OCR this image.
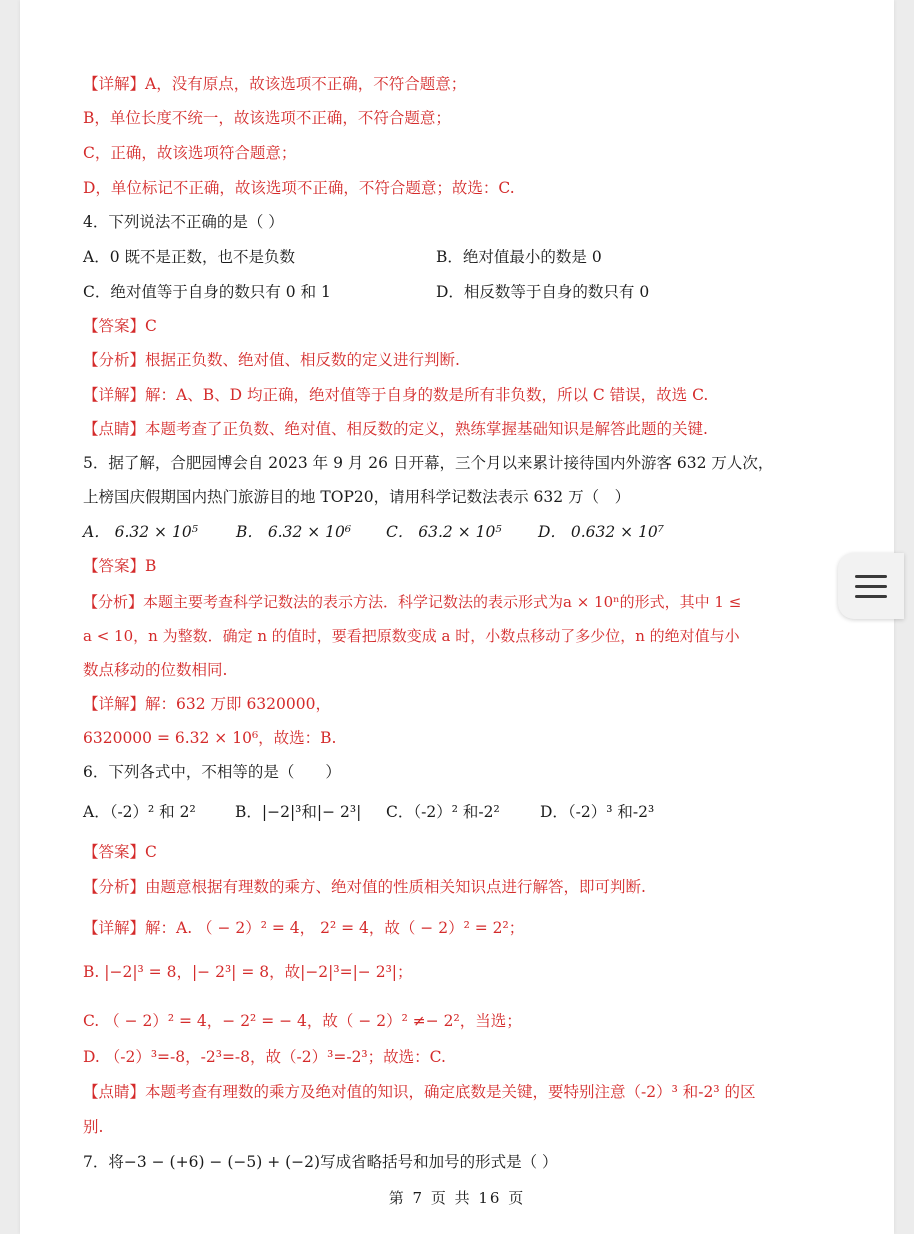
【详解】A，没有原点，故该选项不正确，不符合题意；
B，单位长度不统一，故该选项不正确，不符合题意；
C，正确，故该选项符合题意；
D，单位标记不正确，故该选项不正确，不符合题意；故选：C.
4．下列说法不正确的是（ ）
A．0 既不是正数，也不是负数	B．绝对值最小的数是 0
C．绝对值等于自身的数只有 0 和 1	D．相反数等于自身的数只有 0
【答案】C
【分析】根据正负数、绝对值、相反数的定义进行判断.
【详解】解：A、B、D 均正确，绝对值等于自身的数是所有非负数，所以 C 错误，故选 C.
【点睛】本题考查了正负数、绝对值、相反数的定义，熟练掌握基础知识是解答此题的关键.
5．据了解，合肥园博会自 2023 年 9 月 26 日开幕，三个月以来累计接待国内外游客 632 万人次，
上榜国庆假期国内热门旅游目的地 TOP20，请用科学记数法表示 632 万（　）
A． 6.32 × 10⁵ B． 6.32 × 10⁶ C． 63.2 × 10⁵ D． 0.632 × 10⁷
【答案】B
【分析】本题主要考查科学记数法的表示方法．科学记数法的表示形式为a × 10ⁿ的形式，其中 1 ≤
a < 10，n 为整数．确定 n 的值时，要看把原数变成 a 时，小数点移动了多少位，n 的绝对值与小
数点移动的位数相同.
【详解】解：632 万即 6320000，
6320000 = 6.32 × 10⁶，故选：B.
6．下列各式中，不相等的是（　　）
A．（-2）² 和 2²	B．|−2|³和|− 2³| C．（-2）² 和-2²	D．（-2）³ 和-2³
【答案】C
【分析】由题意根据有理数的乘方、绝对值的性质相关知识点进行解答，即可判断.
【详解】解：A. （ − 2）² = 4， 2² = 4，故（ − 2）² = 2²；
B. |−2|³ = 8，|− 2³| = 8，故|−2|³=|− 2³|；
C. （ − 2）² = 4，− 2² = − 4，故（ − 2）² ≠− 2²，当选；
D. （-2）³=-8，-2³=-8，故（-2）³=-2³；故选：C.
【点睛】本题考查有理数的乘方及绝对值的知识，确定底数是关键，要特别注意（-2）³ 和-2³ 的区
别.
7．将−3 − (+6) − (−5) + (−2)写成省略括号和加号的形式是（ ）
第 7 页 共 16 页
